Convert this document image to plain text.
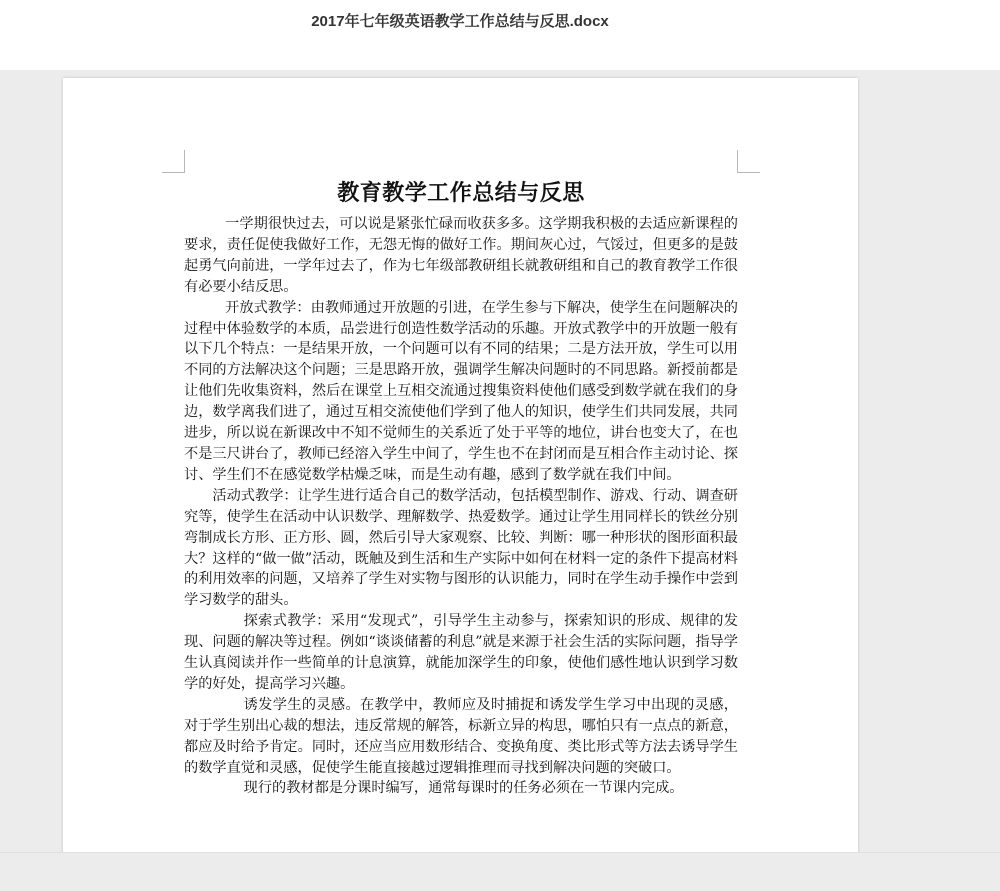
2017年七年级英语教学工作总结与反思.docx
教育教学工作总结与反思

一学期很快过去，可以说是紧张忙碌而收获多多。这学期我积极的去适应新课程的要求，责任促使我做好工作，无怨无悔的做好工作。期间灰心过，气馁过，但更多的是鼓起勇气向前进，一学年过去了，作为七年级部教研组长就教研组和自己的教育教学工作很有必要小结反思。

开放式教学：由教师通过开放题的引进，在学生参与下解决，使学生在问题解决的过程中体验数学的本质，品尝进行创造性数学活动的乐趣。开放式教学中的开放题一般有以下几个特点：一是结果开放，一个问题可以有不同的结果；二是方法开放，学生可以用不同的方法解决这个问题；三是思路开放，强调学生解决问题时的不同思路。新授前都是让他们先收集资料，然后在课堂上互相交流通过搜集资料使他们感受到数学就在我们的身边，数学离我们进了，通过互相交流使他们学到了他人的知识，使学生们共同发展，共同进步，所以说在新课改中不知不觉师生的关系近了处于平等的地位，讲台也变大了，在也不是三尺讲台了，教师已经溶入学生中间了，学生也不在封闭而是互相合作主动讨论、探讨、学生们不在感觉数学枯燥乏味，而是生动有趣，感到了数学就在我们中间。

活动式教学：让学生进行适合自己的数学活动，包括模型制作、游戏、行动、调查研究等，使学生在活动中认识数学、理解数学、热爱数学。通过让学生用同样长的铁丝分别弯制成长方形、正方形、圆，然后引导大家观察、比较、判断：哪一种形状的图形面积最大？这样的“做一做”活动，既触及到生活和生产实际中如何在材料一定的条件下提高材料的利用效率的问题，又培养了学生对实物与图形的认识能力，同时在学生动手操作中尝到学习数学的甜头。

探索式教学：采用“发现式”，引导学生主动参与，探索知识的形成、规律的发现、问题的解决等过程。例如“谈谈储蓄的利息”就是来源于社会生活的实际问题，指导学生认真阅读并作一些简单的计息演算，就能加深学生的印象，使他们感性地认识到学习数学的好处，提高学习兴趣。

诱发学生的灵感。在教学中，教师应及时捕捉和诱发学生学习中出现的灵感，对于学生别出心裁的想法，违反常规的解答，标新立异的构思，哪怕只有一点点的新意，都应及时给予肯定。同时，还应当应用数形结合、变换角度、类比形式等方法去诱导学生的数学直觉和灵感，促使学生能直接越过逻辑推理而寻找到解决问题的突破口。

现行的教材都是分课时编写，通常每课时的任务必须在一节课内完成。
